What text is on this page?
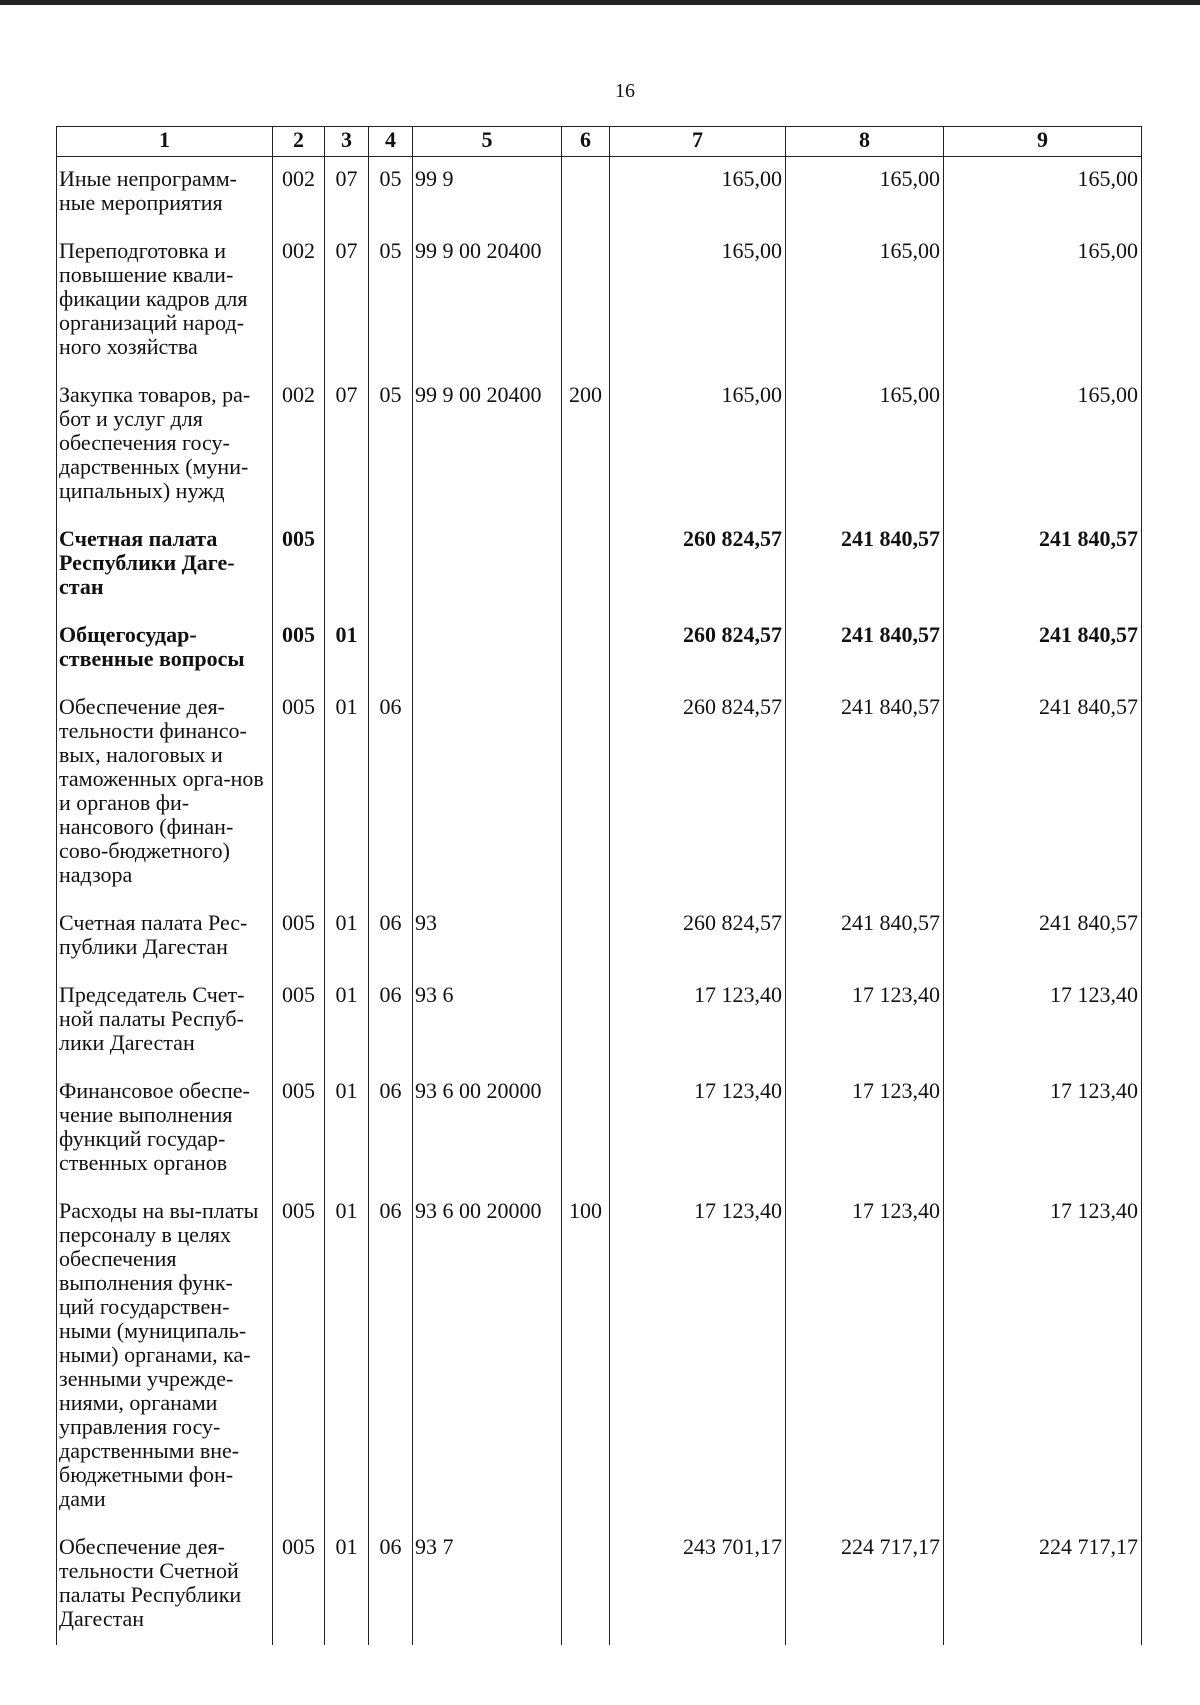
16
1	2	3	4	5	6	7	8	9
Иные непрограмм-ные мероприятия	002	07	05	99 9		165,00	165,00	165,00
Переподготовка и повышение квали-фикации кадров для организаций народ-ного хозяйства	002	07	05	99 9 00 20400		165,00	165,00	165,00
Закупка товаров, ра-бот и услуг для обеспечения госу-дарственных (муни-ципальных) нужд	002	07	05	99 9 00 20400	200	165,00	165,00	165,00
Счетная палата Республики Даге-стан	005					260 824,57	241 840,57	241 840,57
Общегосудар-ственные вопросы	005	01				260 824,57	241 840,57	241 840,57
Обеспечение дея-тельности финансо-вых, налоговых и таможенных орга-нов и органов фи-нансового (финан-сово-бюджетного) надзора	005	01	06			260 824,57	241 840,57	241 840,57
Счетная палата Рес-публики Дагестан	005	01	06	93		260 824,57	241 840,57	241 840,57
Председатель Счет-ной палаты Респуб-лики Дагестан	005	01	06	93 6		17 123,40	17 123,40	17 123,40
Финансовое обеспе-чение выполнения функций государ-ственных органов	005	01	06	93 6 00 20000		17 123,40	17 123,40	17 123,40
Расходы на вы-платы персоналу в целях обеспечения выполнения функ-ций государствен-ными (муниципаль-ными) органами, ка-зенными учрежде-ниями, органами управления госу-дарственными вне-бюджетными фон-дами	005	01	06	93 6 00 20000	100	17 123,40	17 123,40	17 123,40
Обеспечение дея-тельности Счетной палаты Республики Дагестан	005	01	06	93 7		243 701,17	224 717,17	224 717,17
